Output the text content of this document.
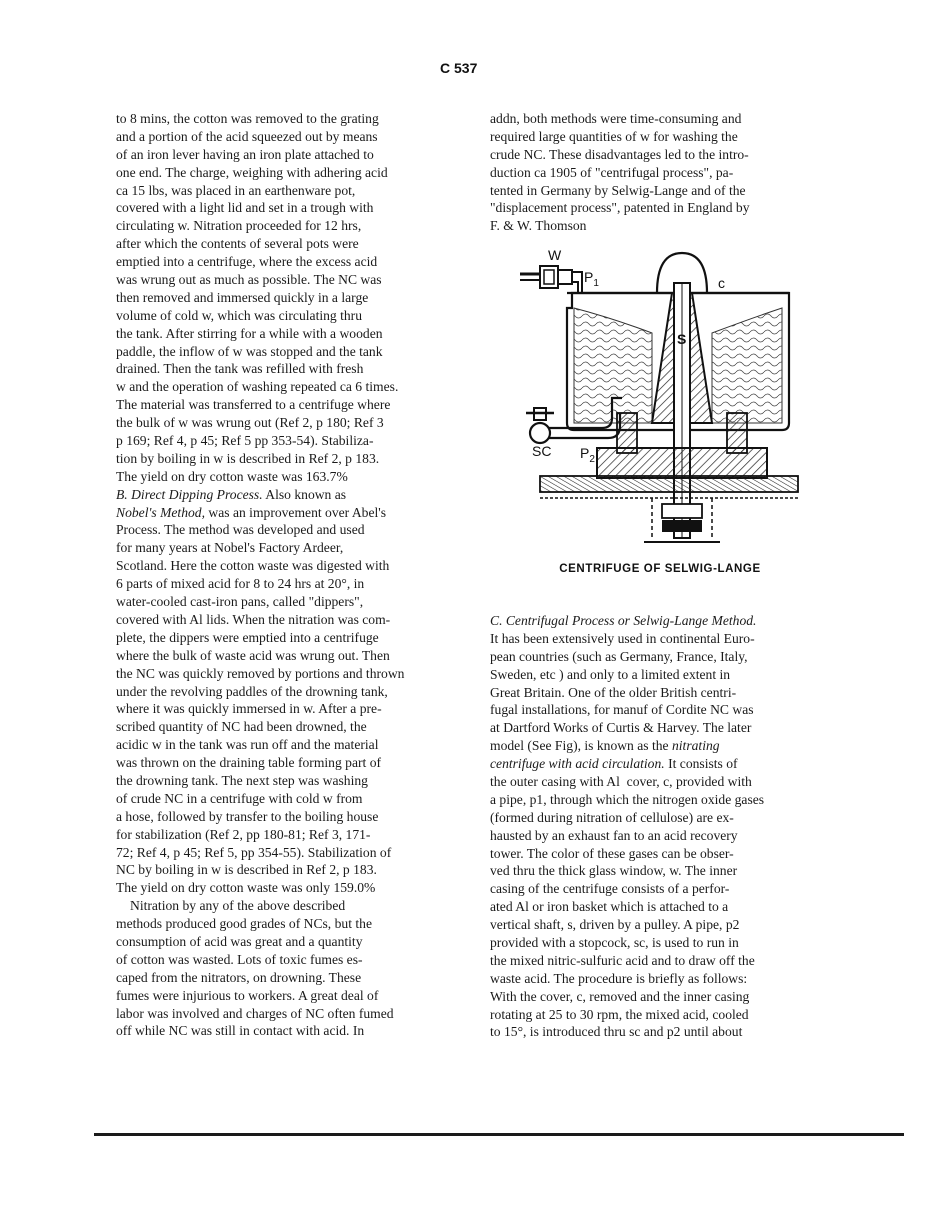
C 537
to 8 mins, the cotton was removed to the grating
and a portion of the acid squeezed out by means
of an iron lever having an iron plate attached to
one end. The charge, weighing with adhering acid
ca 15 lbs, was placed in an earthenware pot,
covered with a light lid and set in a trough with
circulating w. Nitration proceeded for 12 hrs,
after which the contents of several pots were
emptied into a centrifuge, where the excess acid
was wrung out as much as possible. The NC was
then removed and immersed quickly in a large
volume of cold w, which was circulating thru
the tank. After stirring for a while with a wooden
paddle, the inflow of w was stopped and the tank
drained. Then the tank was refilled with fresh
w and the operation of washing repeated ca 6 times.
The material was transferred to a centrifuge where
the bulk of w was wrung out (Ref 2, p 180; Ref 3
p 169; Ref 4, p 45; Ref 5 pp 353-54). Stabiliza-
tion by boiling in w is described in Ref 2, p 183.
The yield on dry cotton waste was 163.7%
B. Direct Dipping Process. Also known as
Nobel's Method, was an improvement over Abel's
Process. The method was developed and used
for many years at Nobel's Factory Ardeer,
Scotland. Here the cotton waste was digested with
6 parts of mixed acid for 8 to 24 hrs at 20°, in
water-cooled cast-iron pans, called "dippers",
covered with Al lids. When the nitration was com-
plete, the dippers were emptied into a centrifuge
where the bulk of waste acid was wrung out. Then
the NC was quickly removed by portions and thrown
under the revolving paddles of the drowning tank,
where it was quickly immersed in w. After a pre-
scribed quantity of NC had been drowned, the
acidic w in the tank was run off and the material
was thrown on the draining table forming part of
the drowning tank. The next step was washing
of crude NC in a centrifuge with cold w from
a hose, followed by transfer to the boiling house
for stabilization (Ref 2, pp 180-81; Ref 3, 171-
72; Ref 4, p 45; Ref 5, pp 354-55). Stabilization of
NC by boiling in w is described in Ref 2, p 183.
The yield on dry cotton waste was only 159.0%
Nitration by any of the above described
methods produced good grades of NCs, but the
consumption of acid was great and a quantity
of cotton was wasted. Lots of toxic fumes es-
caped from the nitrators, on drowning. These
fumes were injurious to workers. A great deal of
labor was involved and charges of NC often fumed
off while NC was still in contact with acid. In
addn, both methods were time-consuming and
required large quantities of w for washing the
crude NC. These disadvantages led to the intro-
duction ca 1905 of "centrifugal process", pa-
tented in Germany by Selwig-Lange and of the
"displacement process", patented in England by
F. & W. Thomson
W
$P_1$	c
S
SC $P_2$
CENTRIFUGE OF SELWIG-LANGE
C. Centrifugal Process or Selwig-Lange Method.
It has been extensively used in continental Euro-
pean countries (such as Germany, France, Italy,
Sweden, etc ) and only to a limited extent in
Great Britain. One of the older British centri-
fugal installations, for manuf of Cordite NC was
at Dartford Works of Curtis & Harvey. The later
model (See Fig), is known as the nitrating
centrifuge with acid circulation. It consists of
the outer casing with Al  cover, c, provided with
a pipe, p1, through which the nitrogen oxide gases
(formed during nitration of cellulose) are ex-
hausted by an exhaust fan to an acid recovery
tower. The color of these gases can be obser-
ved thru the thick glass window, w. The inner
casing of the centrifuge consists of a perfor-
ated Al or iron basket which is attached to a
vertical shaft, s, driven by a pulley. A pipe, p2
provided with a stopcock, sc, is used to run in
the mixed nitric-sulfuric acid and to draw off the
waste acid. The procedure is briefly as follows:
With the cover, c, removed and the inner casing
rotating at 25 to 30 rpm, the mixed acid, cooled
to 15°, is introduced thru sc and p2 until about
